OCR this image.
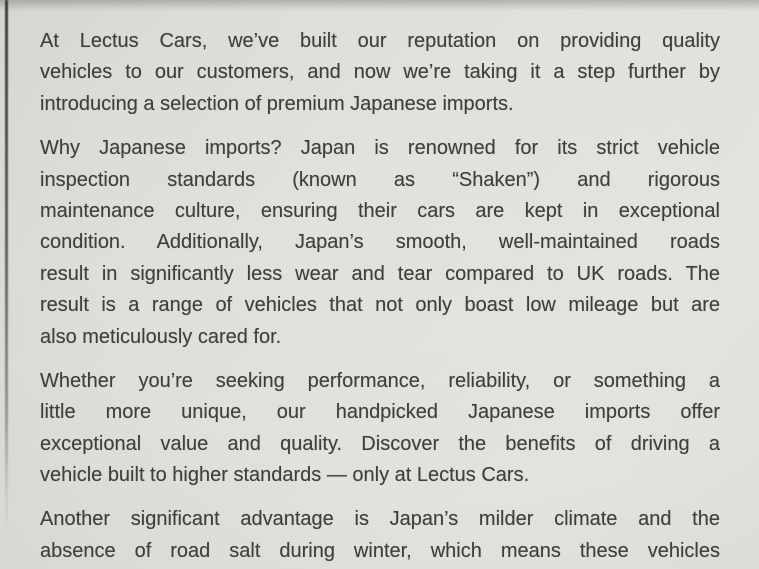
At Lectus Cars, we’ve built our reputation on providing quality
vehicles to our customers, and now we’re taking it a step further by
introducing a selection of premium Japanese imports.
Why Japanese imports? Japan is renowned for its strict vehicle
inspection standards (known as “Shaken”) and rigorous
maintenance culture, ensuring their cars are kept in exceptional
condition. Additionally, Japan’s smooth, well-maintained roads
result in significantly less wear and tear compared to UK roads. The
result is a range of vehicles that not only boast low mileage but are
also meticulously cared for.
Whether you’re seeking performance, reliability, or something a
little more unique, our handpicked Japanese imports offer
exceptional value and quality. Discover the benefits of driving a
vehicle built to higher standards — only at Lectus Cars.
Another significant advantage is Japan’s milder climate and the
absence of road salt during winter, which means these vehicles
